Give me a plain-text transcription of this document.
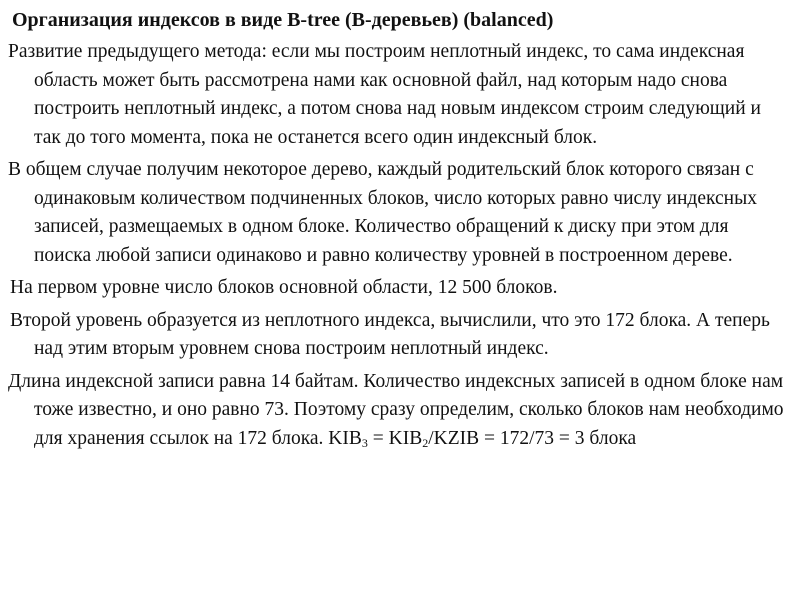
Организация индексов в виде B-tree (B-деревьев) (balanced)

Развитие предыдущего метода: если мы построим неплотный индекс, то сама индексная область может быть рассмотрена нами как основной файл, над которым надо снова построить неплотный индекс, а потом снова над новым индексом строим следующий и так до того момента, пока не останется всего один индексный блок.

В общем случае получим некоторое дерево, каждый родительский блок которого связан с одинаковым количеством подчиненных блоков, число которых равно числу индексных записей, размещаемых в одном блоке. Количество обращений к диску при этом для поиска любой записи одинаково и равно количеству уровней в построенном дереве.

На первом уровне число блоков основной области, 12 500 блоков.

Второй уровень образуется из неплотного индекса, вычислили, что это 172 блока. А теперь над этим вторым уровнем снова построим неплотный индекс.

Длина индексной записи равна 14 байтам. Количество индексных записей в одном блоке нам тоже известно, и оно равно 73. Поэтому сразу определим, сколько блоков нам необходимо для хранения ссылок на 172 блока. $KIB_3$ = $KIB_2$/KZIB = 172/73 = 3 блока
